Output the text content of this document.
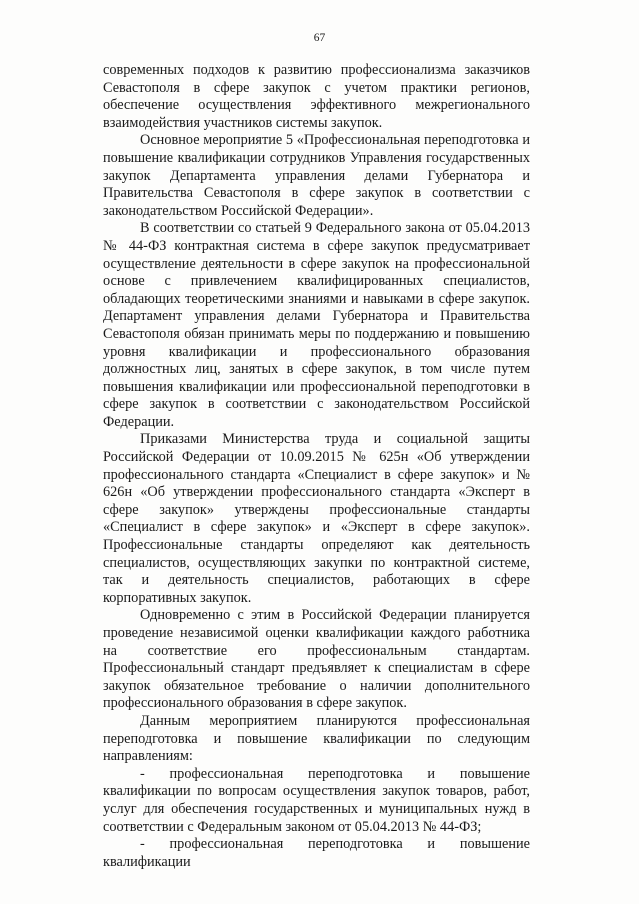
67

современных подходов к развитию профессионализма заказчиков Севастополя в сфере закупок с учетом практики регионов, обеспечение осуществления эффективного межрегионального взаимодействия участников системы закупок.

Основное мероприятие 5 «Профессиональная переподготовка и повышение квалификации сотрудников Управления государственных закупок Департамента управления делами Губернатора и Правительства Севастополя в сфере закупок в соответствии с законодательством Российской Федерации».

В соответствии со статьей 9 Федерального закона от 05.04.2013 № 44-ФЗ контрактная система в сфере закупок предусматривает осуществление деятельности в сфере закупок на профессиональной основе с привлечением квалифицированных специалистов, обладающих теоретическими знаниями и навыками в сфере закупок. Департамент управления делами Губернатора и Правительства Севастополя обязан принимать меры по поддержанию и повышению уровня квалификации и профессионального образования должностных лиц, занятых в сфере закупок, в том числе путем повышения квалификации или профессиональной переподготовки в сфере закупок в соответствии с законодательством Российской Федерации.

Приказами Министерства труда и социальной защиты Российской Федерации от 10.09.2015 № 625н «Об утверждении профессионального стандарта «Специалист в сфере закупок» и № 626н «Об утверждении профессионального стандарта «Эксперт в сфере закупок» утверждены профессиональные стандарты «Специалист в сфере закупок» и «Эксперт в сфере закупок». Профессиональные стандарты определяют как деятельность специалистов, осуществляющих закупки по контрактной системе, так и деятельность специалистов, работающих в сфере корпоративных закупок.

Одновременно с этим в Российской Федерации планируется проведение независимой оценки квалификации каждого работника на соответствие его профессиональным стандартам. Профессиональный стандарт предъявляет к специалистам в сфере закупок обязательное требование о наличии дополнительного профессионального образования в сфере закупок.

Данным мероприятием планируются профессиональная переподготовка и повышение квалификации по следующим направлениям:

- профессиональная переподготовка и повышение квалификации по вопросам осуществления закупок товаров, работ, услуг для обеспечения государственных и муниципальных нужд в соответствии с Федеральным законом от 05.04.2013 № 44-ФЗ;

- профессиональная переподготовка и повышение квалификации
